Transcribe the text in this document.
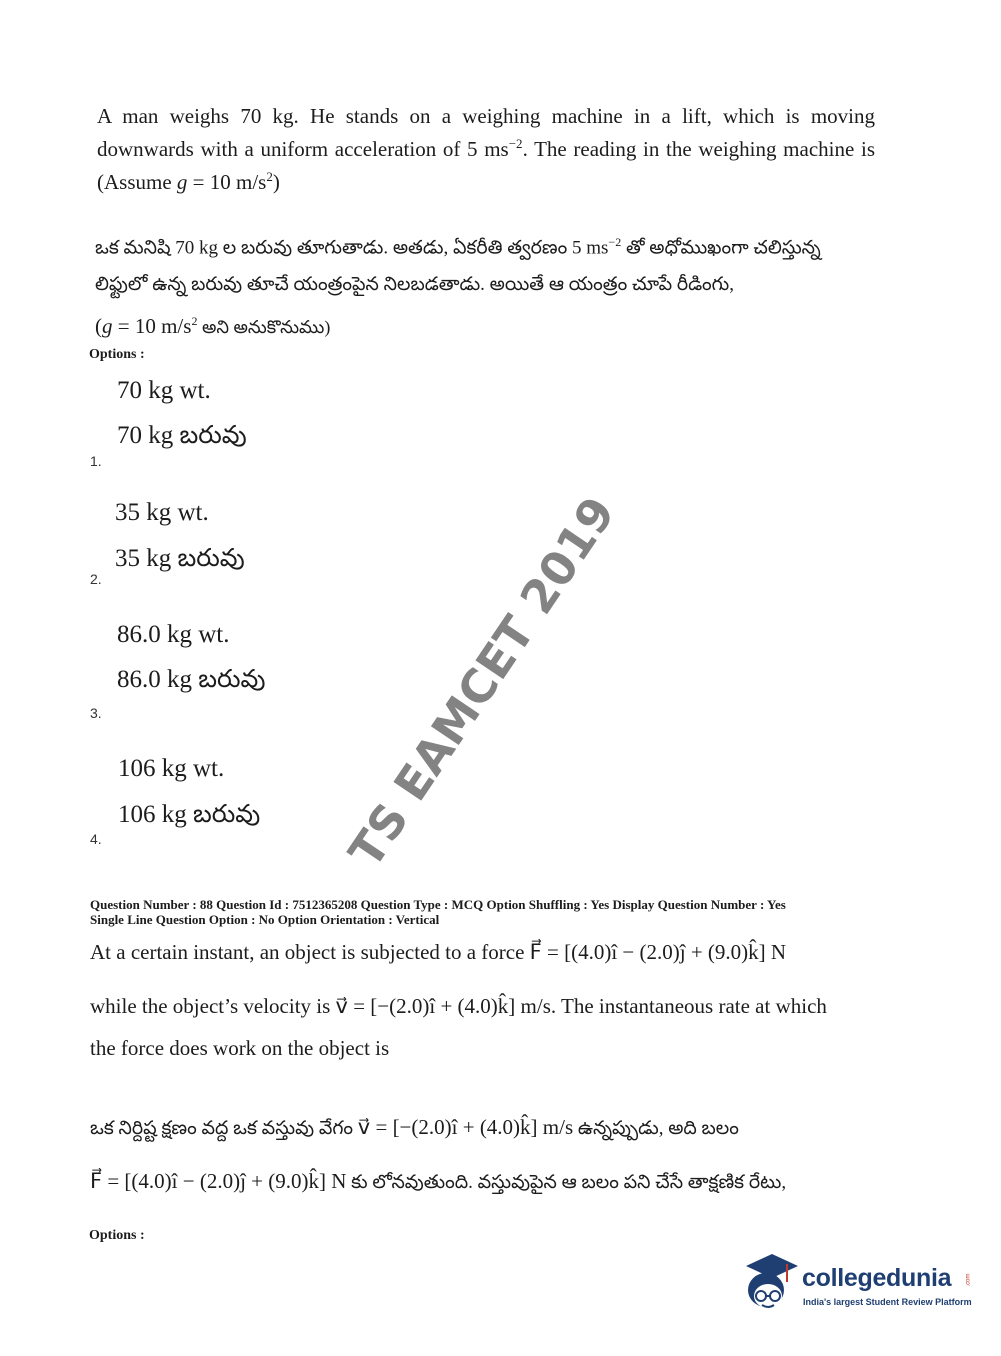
A man weighs 70 kg. He stands on a weighing machine in a lift, which is moving downwards with a uniform acceleration of 5 $ms^{-2}$. The reading in the weighing machine is (Assume g = 10 $m/s^2$)
ఒక మనిషి 70 kg ల బరువు తూగుతాడు. అతడు, ఏకరీతి త్వరణం 5 $ms^{-2}$ తో అధోముఖంగా చలిస్తున్న
లిఫ్టులో ఉన్న బరువు తూచే యంత్రంపైన నిలబడతాడు. అయితే ఆ యంత్రం చూపే రీడింగు,
(g = 10 $m/s^2$ అని అనుకొనుము)
Options :
70 kg wt.
70 kg బరువు
1.
35 kg wt.
35 kg బరువు
2.
86.0 kg wt.
86.0 kg బరువు
3.
106 kg wt.
106 kg బరువు
4.	TS EAMCET 2019
Question Number : 88 Question Id : 7512365208 Question Type : MCQ Option Shuffling : Yes Display Question Number : Yes
Single Line Question Option : No Option Orientation : Vertical
At a certain instant, an object is subjected to a force F⃗ = [(4.0)î − (2.0)ĵ + (9.0)k̂] N
while the object’s velocity is v⃗ = [−(2.0)î + (4.0)k̂] m/s. The instantaneous rate at which
the force does work on the object is
ఒక నిర్దిష్ట క్షణం వద్ద ఒక వస్తువు వేగం v⃗ = [−(2.0)î + (4.0)k̂] m/s ఉన్నప్పుడు, అది బలం
F⃗ = [(4.0)î − (2.0)ĵ + (9.0)k̂] N కు లోనవుతుంది. వస్తువుపైన ఆ బలం పని చేసే తాక్షణిక రేటు,
Options :
collegedunia .com
India's largest Student Review Platform
